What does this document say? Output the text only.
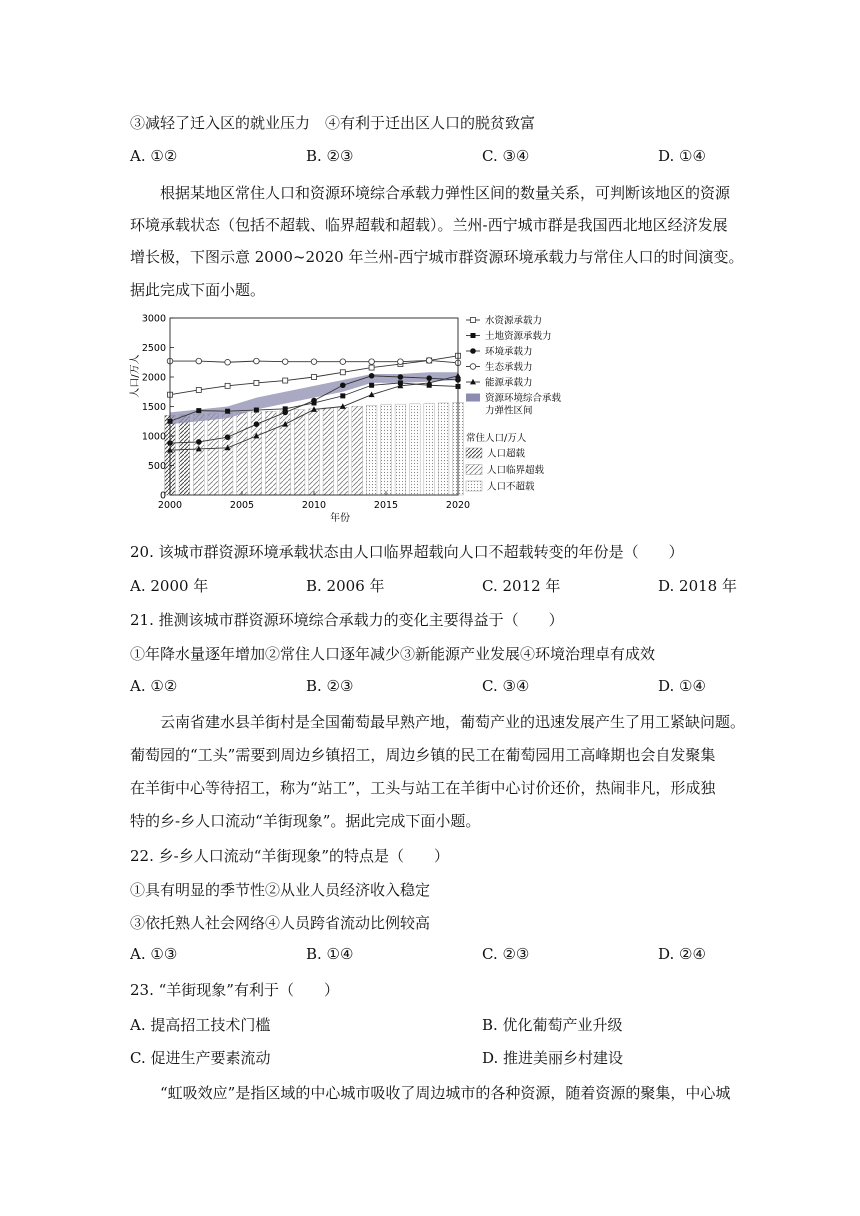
③减轻了迁入区的就业压力　④有利于迁出区人口的脱贫致富
A. ①②	B. ②③	C. ③④	D. ①④
根据某地区常住人口和资源环境综合承载力弹性区间的数量关系，可判断该地区的资源
环境承载状态（包括不超载、临界超载和超载）。兰州-西宁城市群是我国西北地区经济发展
增长极，下图示意 2000~2020 年兰州-西宁城市群资源环境承载力与常住人口的时间演变。
据此完成下面小题。
0
500
1000
1500
2000
2500
3000
2000	2005	2010	2015	2020
人口/万人
年份
水资源承载力
土地资源承载力
环境承载力
生态承载力
能源承载力
资源环境综合承载
力弹性区间
常住人口/万人
人口超载
人口临界超载
人口不超载
20. 该城市群资源环境承载状态由人口临界超载向人口不超载转变的年份是（　　）
A. 2000 年	B. 2006 年	C. 2012 年	D. 2018 年
21. 推测该城市群资源环境综合承载力的变化主要得益于（　　）
①年降水量逐年增加②常住人口逐年减少③新能源产业发展④环境治理卓有成效
A. ①②	B. ②③	C. ③④	D. ①④
云南省建水县羊街村是全国葡萄最早熟产地，葡萄产业的迅速发展产生了用工紧缺问题。
葡萄园的“工头”需要到周边乡镇招工，周边乡镇的民工在葡萄园用工高峰期也会自发聚集
在羊街中心等待招工，称为“站工”，工头与站工在羊街中心讨价还价，热闹非凡，形成独
特的乡-乡人口流动“羊街现象”。据此完成下面小题。
22. 乡-乡人口流动“羊街现象”的特点是（　　）
①具有明显的季节性②从业人员经济收入稳定
③依托熟人社会网络④人员跨省流动比例较高
A. ①③	B. ①④	C. ②③	D. ②④
23. “羊街现象”有利于（　　）
A. 提高招工技术门槛	B. 优化葡萄产业升级
C. 促进生产要素流动	D. 推进美丽乡村建设
“虹吸效应”是指区域的中心城市吸收了周边城市的各种资源，随着资源的聚集，中心城
